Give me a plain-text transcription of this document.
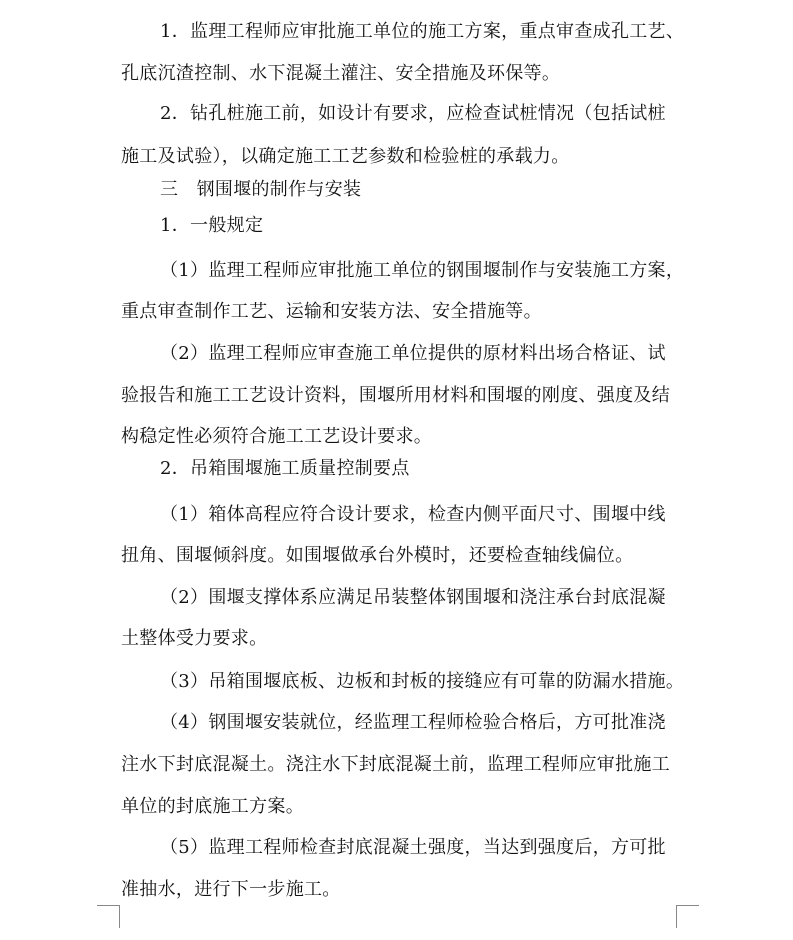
1．监理工程师应审批施工单位的施工方案，重点审查成孔工艺、
孔底沉渣控制、水下混凝土灌注、安全措施及环保等。
2．钻孔桩施工前，如设计有要求，应检查试桩情况（包括试桩
施工及试验），以确定施工工艺参数和检验桩的承载力。
三　钢围堰的制作与安装
1．一般规定
（1）监理工程师应审批施工单位的钢围堰制作与安装施工方案，
重点审查制作工艺、运输和安装方法、安全措施等。
（2）监理工程师应审查施工单位提供的原材料出场合格证、试
验报告和施工工艺设计资料，围堰所用材料和围堰的刚度、强度及结
构稳定性必须符合施工工艺设计要求。
2．吊箱围堰施工质量控制要点
（1）箱体高程应符合设计要求，检查内侧平面尺寸、围堰中线
扭角、围堰倾斜度。如围堰做承台外模时，还要检查轴线偏位。
（2）围堰支撑体系应满足吊装整体钢围堰和浇注承台封底混凝
土整体受力要求。
（3）吊箱围堰底板、边板和封板的接缝应有可靠的防漏水措施。
（4）钢围堰安装就位，经监理工程师检验合格后，方可批准浇
注水下封底混凝土。浇注水下封底混凝土前，监理工程师应审批施工
单位的封底施工方案。
（5）监理工程师检查封底混凝土强度，当达到强度后，方可批
准抽水，进行下一步施工。
